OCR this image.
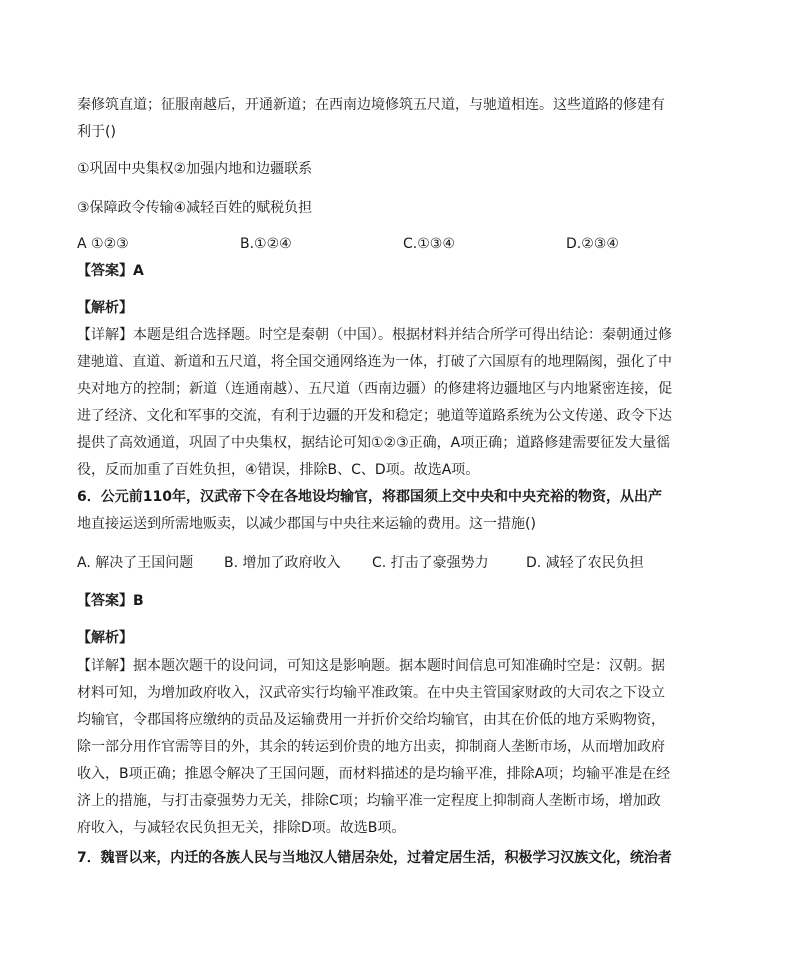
秦修筑直道；征服南越后，开通新道；在西南边境修筑五尺道，与驰道相连。这些道路的修建有
利于()
①巩固中央集权②加强内地和边疆联系
③保障政令传输④减轻百姓的赋税负担
A ①②③	B.①②④	C.①③④	D.②③④
【答案】A
【解析】
【详解】本题是组合选择题。时空是秦朝（中国）。根据材料并结合所学可得出结论：秦朝通过修
建驰道、直道、新道和五尺道，将全国交通网络连为一体，打破了六国原有的地理隔阂，强化了中
央对地方的控制；新道（连通南越）、五尺道（西南边疆）的修建将边疆地区与内地紧密连接，促
进了经济、文化和军事的交流，有利于边疆的开发和稳定；驰道等道路系统为公文传递、政令下达
提供了高效通道，巩固了中央集权，据结论可知①②③正确，A项正确；道路修建需要征发大量徭
役，反而加重了百姓负担，④错误，排除B、C、D项。故选A项。
6．公元前110年，汉武帝下令在各地设均输官，将郡国须上交中央和中央充裕的物资，从出产
地直接运送到所需地贩卖，以减少郡国与中央往来运输的费用。这一措施()
A. 解决了王国问题 B. 增加了政府收入 C. 打击了豪强势力	D. 减轻了农民负担
【答案】B
【解析】
【详解】据本题次题干的设问词，可知这是影响题。据本题时间信息可知准确时空是：汉朝。据
材料可知，为增加政府收入，汉武帝实行均输平准政策。在中央主管国家财政的大司农之下设立
均输官，令郡国将应缴纳的贡品及运输费用一并折价交给均输官，由其在价低的地方采购物资，
除一部分用作官需等目的外，其余的转运到价贵的地方出卖，抑制商人垄断市场，从而增加政府
收入，B项正确；推恩令解决了王国问题，而材料描述的是均输平准，排除A项；均输平准是在经
济上的措施，与打击豪强势力无关，排除C项；均输平准一定程度上抑制商人垄断市场，增加政
府收入，与减轻农民负担无关，排除D项。故选B项。
7．魏晋以来，内迁的各族人民与当地汉人错居杂处，过着定居生活，积极学习汉族文化，统治者
